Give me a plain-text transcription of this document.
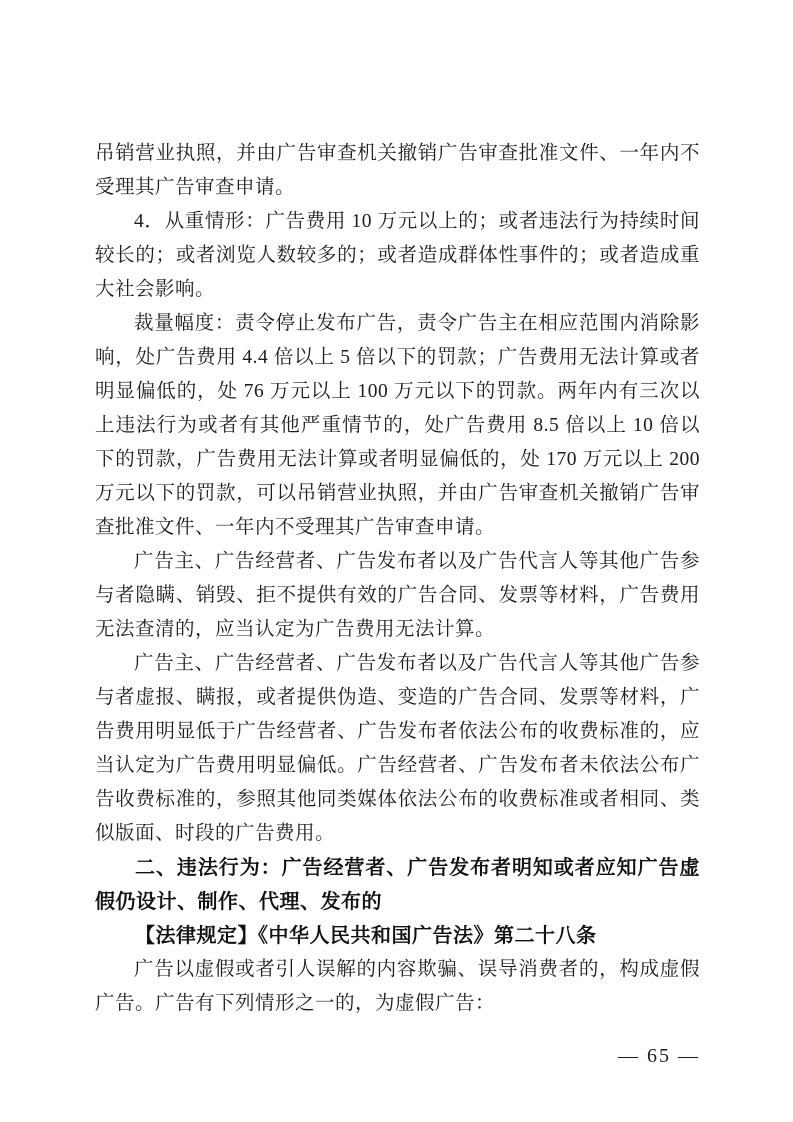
吊销营业执照，并由广告审查机关撤销广告审查批准文件、一年内不受理其广告审查申请。

4．从重情形：广告费用 10 万元以上的；或者违法行为持续时间较长的；或者浏览人数较多的；或者造成群体性事件的；或者造成重大社会影响。

裁量幅度：责令停止发布广告，责令广告主在相应范围内消除影响，处广告费用 4.4 倍以上 5 倍以下的罚款；广告费用无法计算或者明显偏低的，处 76 万元以上 100 万元以下的罚款。两年内有三次以上违法行为或者有其他严重情节的，处广告费用 8.5 倍以上 10 倍以下的罚款，广告费用无法计算或者明显偏低的，处 170 万元以上 200 万元以下的罚款，可以吊销营业执照，并由广告审查机关撤销广告审查批准文件、一年内不受理其广告审查申请。

广告主、广告经营者、广告发布者以及广告代言人等其他广告参与者隐瞒、销毁、拒不提供有效的广告合同、发票等材料，广告费用无法查清的，应当认定为广告费用无法计算。

广告主、广告经营者、广告发布者以及广告代言人等其他广告参与者虚报、瞒报，或者提供伪造、变造的广告合同、发票等材料，广告费用明显低于广告经营者、广告发布者依法公布的收费标准的，应当认定为广告费用明显偏低。广告经营者、广告发布者未依法公布广告收费标准的，参照其他同类媒体依法公布的收费标准或者相同、类似版面、时段的广告费用。

二、违法行为：广告经营者、广告发布者明知或者应知广告虚假仍设计、制作、代理、发布的

【法律规定】《中华人民共和国广告法》第二十八条

广告以虚假或者引人误解的内容欺骗、误导消费者的，构成虚假广告。广告有下列情形之一的，为虚假广告：

— 65 —
